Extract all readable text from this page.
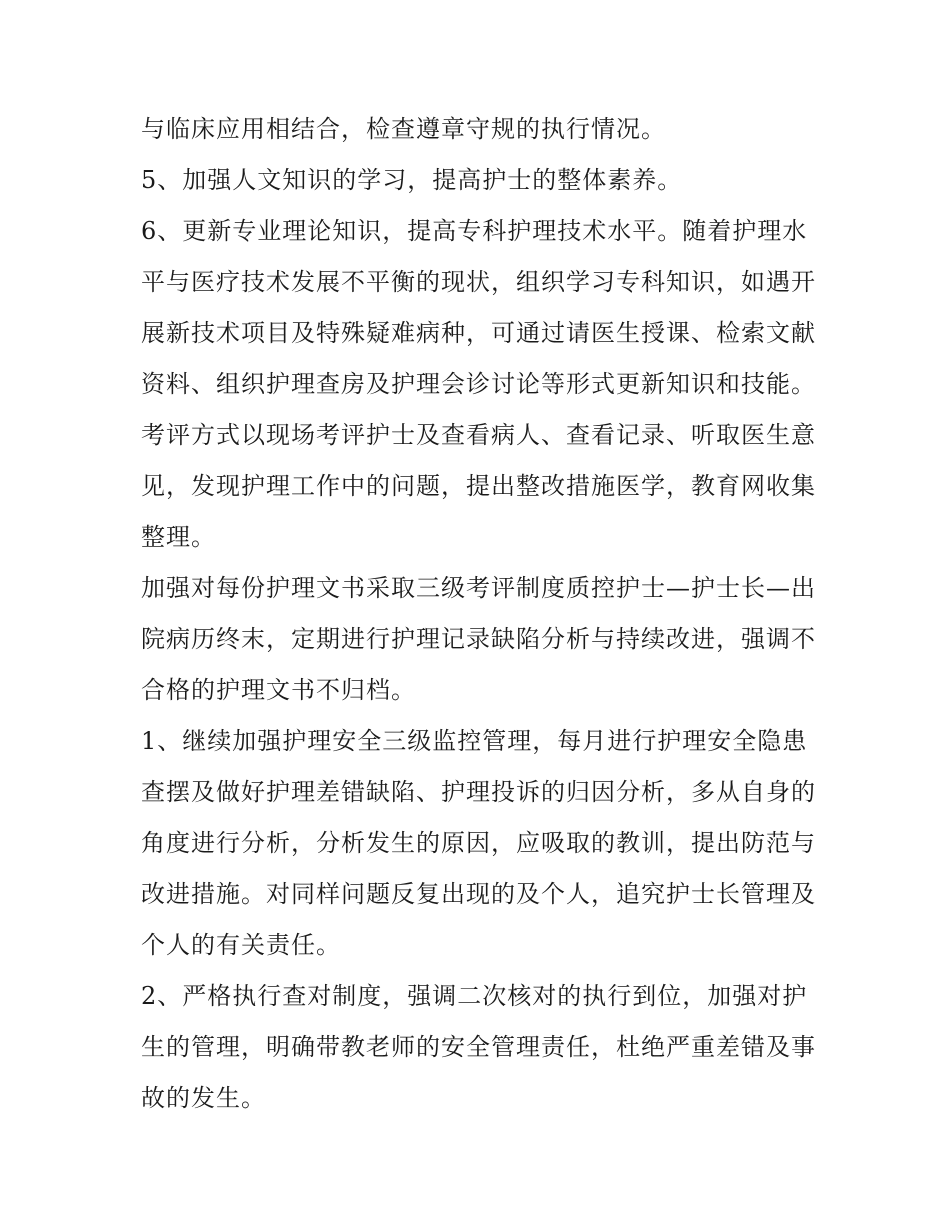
与临床应用相结合，检查遵章守规的执行情况。
5、加强人文知识的学习，提高护士的整体素养。
6、更新专业理论知识，提高专科护理技术水平。随着护理水
平与医疗技术发展不平衡的现状，组织学习专科知识，如遇开
展新技术项目及特殊疑难病种，可通过请医生授课、检索文献
资料、组织护理查房及护理会诊讨论等形式更新知识和技能。
考评方式以现场考评护士及查看病人、查看记录、听取医生意
见，发现护理工作中的问题，提出整改措施医学，教育网收集
整理。
加强对每份护理文书采取三级考评制度质控护士—护士长—出
院病历终末，定期进行护理记录缺陷分析与持续改进，强调不
合格的护理文书不归档。
1、继续加强护理安全三级监控管理，每月进行护理安全隐患
查摆及做好护理差错缺陷、护理投诉的归因分析，多从自身的
角度进行分析，分析发生的原因，应吸取的教训，提出防范与
改进措施。对同样问题反复出现的及个人，追究护士长管理及
个人的有关责任。
2、严格执行查对制度，强调二次核对的执行到位，加强对护
生的管理，明确带教老师的安全管理责任，杜绝严重差错及事
故的发生。
